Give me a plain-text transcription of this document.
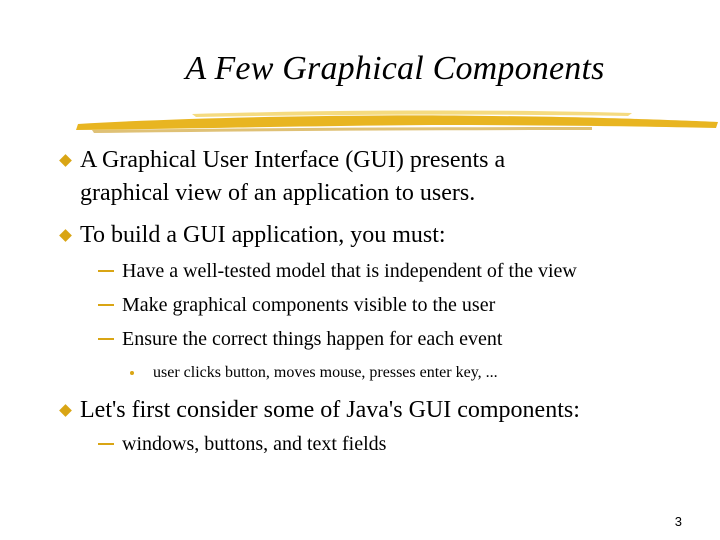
A Few Graphical Components
A Graphical User Interface (GUI) presents a
graphical view of an application to users.
To build a GUI application, you must:
Have a well-tested model that is independent of the view
Make graphical components visible to the user
Ensure the correct things happen for each event
user clicks button, moves mouse, presses enter key, ...
Let's first consider some of Java's GUI components:
windows, buttons, and text fields
3
